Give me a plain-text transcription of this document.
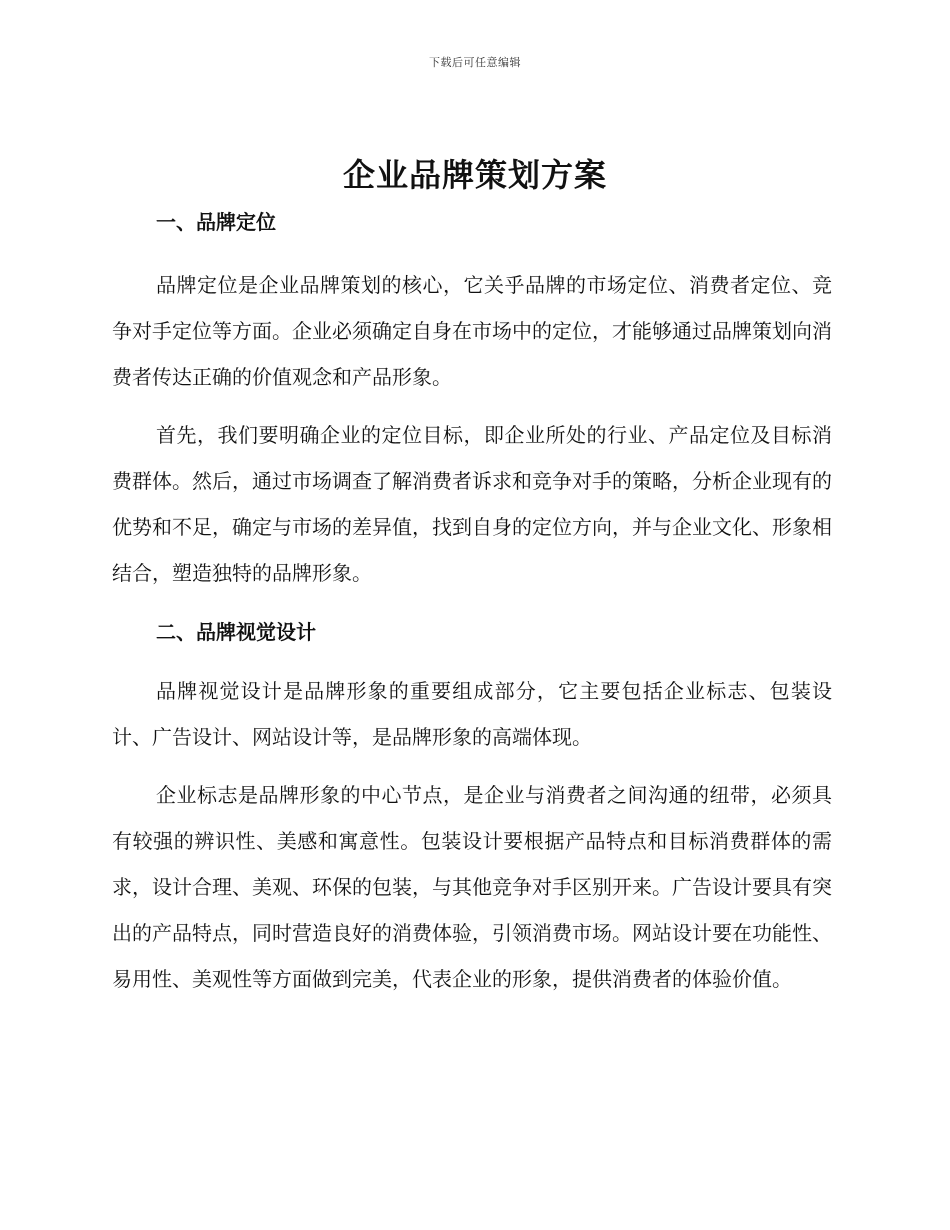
下载后可任意编辑
企业品牌策划方案
一、品牌定位

品牌定位是企业品牌策划的核心，它关乎品牌的市场定位、消费者定位、竞争对手定位等方面。企业必须确定自身在市场中的定位，才能够通过品牌策划向消费者传达正确的价值观念和产品形象。

首先，我们要明确企业的定位目标，即企业所处的行业、产品定位及目标消费群体。然后，通过市场调查了解消费者诉求和竞争对手的策略，分析企业现有的优势和不足，确定与市场的差异值，找到自身的定位方向，并与企业文化、形象相结合，塑造独特的品牌形象。

二、品牌视觉设计

品牌视觉设计是品牌形象的重要组成部分，它主要包括企业标志、包装设计、广告设计、网站设计等，是品牌形象的高端体现。

企业标志是品牌形象的中心节点，是企业与消费者之间沟通的纽带，必须具有较强的辨识性、美感和寓意性。包装设计要根据产品特点和目标消费群体的需求，设计合理、美观、环保的包装，与其他竞争对手区别开来。广告设计要具有突出的产品特点，同时营造良好的消费体验，引领消费市场。网站设计要在功能性、易用性、美观性等方面做到完美，代表企业的形象，提供消费者的体验价值。
